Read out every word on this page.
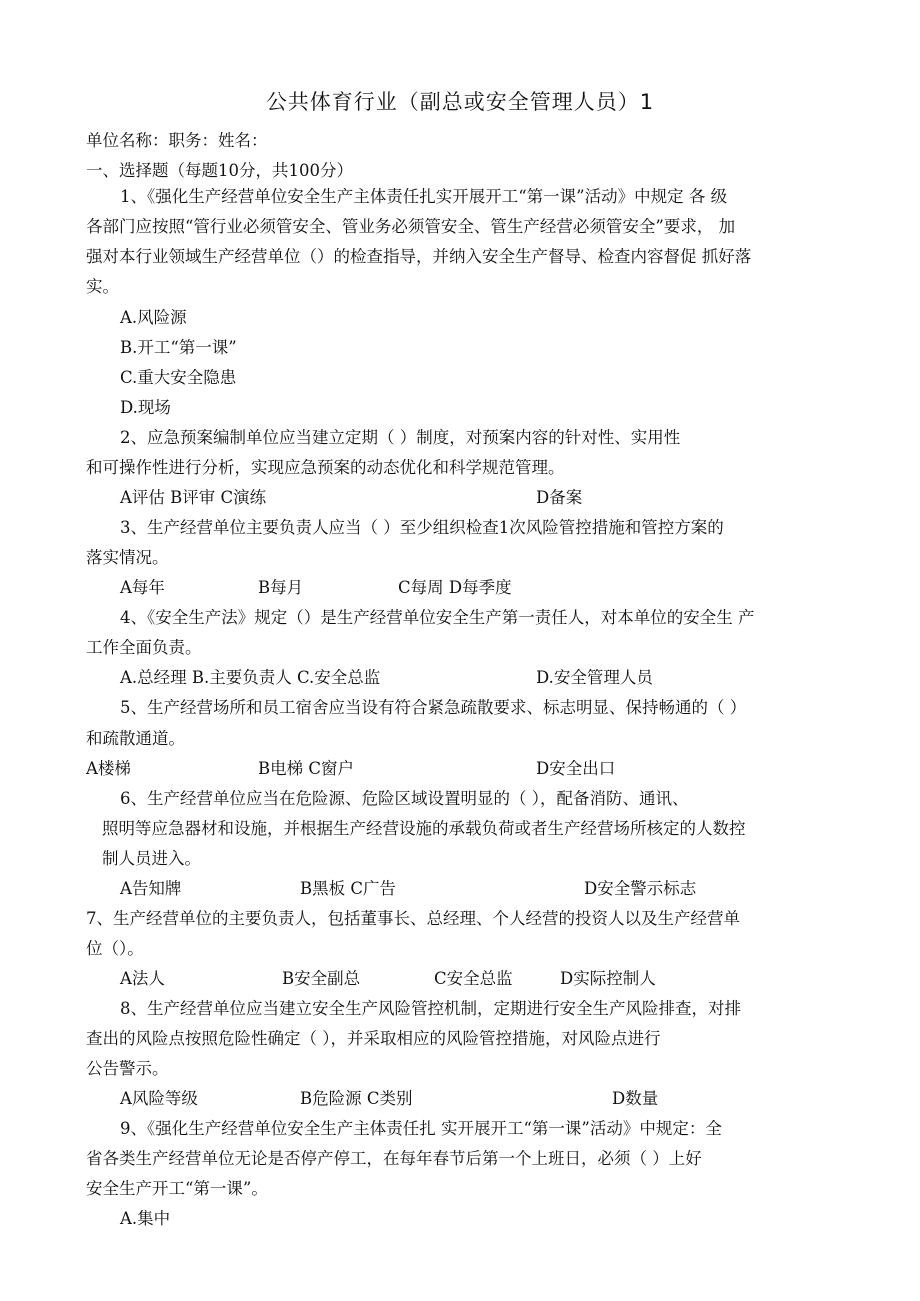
公共体育行业（副总或安全管理人员）1
单位名称：职务：姓名：
一、选择题（每题10分，共100分）
1、《强化生产经营单位安全生产主体责任扎实开展开工“第一课”活动》中规定 各 级
各部门应按照“管行业必须管安全、管业务必须管安全、管生产经营必须管安全”要求， 加
强对本行业领域生产经营单位（）的检查指导，并纳入安全生产督导、检查内容督促 抓好落
实。
A.风险源
B.开工“第一课”
C.重大安全隐患
D.现场
2、应急预案编制单位应当建立定期（ ）制度，对预案内容的针对性、实用性
和可操作性进行分析，实现应急预案的动态优化和科学规范管理。
A评估 B评审 C演练	D备案
3、生产经营单位主要负责人应当（ ）至少组织检查1次风险管控措施和管控方案的
落实情况。
A每年	B每月	C每周 D每季度
4、《安全生产法》规定（）是生产经营单位安全生产第一责任人，对本单位的安全生 产
工作全面负责。
A.总经理 B.主要负责人 C.安全总监	D.安全管理人员
5、生产经营场所和员工宿舍应当设有符合紧急疏散要求、标志明显、保持畅通的（ ）
和疏散通道。
A楼梯	B电梯 C窗户	D安全出口
6、生产经营单位应当在危险源、危险区域设置明显的（ ），配备消防、通讯、
照明等应急器材和设施，并根据生产经营设施的承载负荷或者生产经营场所核定的人数控
制人员进入。
A告知牌	B黑板 C广告	D安全警示标志
7、生产经营单位的主要负责人，包括董事长、总经理、个人经营的投资人以及生产经营单
位（）。
A法人	B安全副总	C安全总监	D实际控制人
8、生产经营单位应当建立安全生产风险管控机制，定期进行安全生产风险排查，对排
查出的风险点按照危险性确定（ ），并采取相应的风险管控措施，对风险点进行
公告警示。
A风险等级	B危险源 C类别	D数量
9、《强化生产经营单位安全生产主体责任扎 实开展开工“第一课”活动》中规定：全
省各类生产经营单位无论是否停产停工，在每年春节后第一个上班日，必须（ ）上好
安全生产开工“第一课”。
A.集中
